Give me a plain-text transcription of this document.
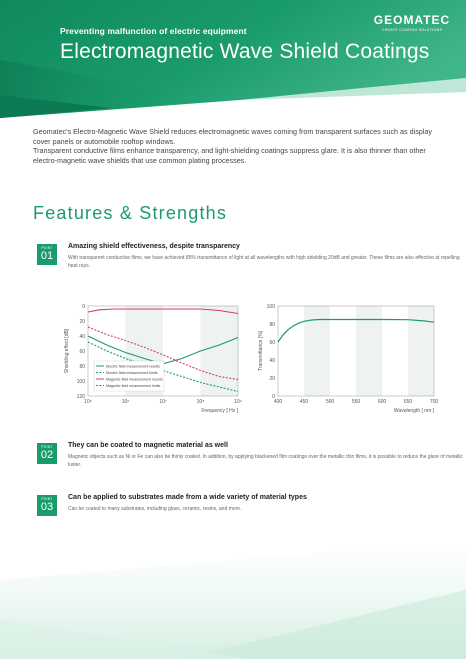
Preventing malfunction of electric equipment
Electromagnetic Wave Shield Coatings
GEOMATEC
CREATE COATING SOLUTIONS
Geomatec's Electro-Magnetic Wave Shield reduces electromagnetic waves coming from transparent surfaces such as display cover panels or automobile rooftop windows.
Transparent conductive films enhance transparency, and light-shielding coatings suppress glare. It is also thinner than other electro-magnetic wave shields that use common plating processes.
Features & Strengths
POINT
01
Amazing shield effectiveness, despite transparency
With transparent conductive films, we have achieved 85% transmittance of light at all wavelengths with high shielding 20dB and greater. These films are also effective at repelling heat rays.
0
20
40
60
80
100
120
10⁵	10⁶	10⁷	10⁸	10⁹
Frequency [ Hz ]
Shielding effect [dB]	Electric field measurement results
Electric field measurement limits
Magnetic field measurement results
Magnetic field measurement limits
0
20
40
60
80
100
400	450	500	550	600	650	700
Wavelength [ nm ]
Transmittance [%]
POINT
02
They can be coated to magnetic material as well
Magnetic objects such as Ni or Fe can also be thinly coated. In addition, by applying blackened film coatings over the metallic thin films, it is possible to reduce the glare of metallic luster.
POINT
03
Can be applied to substrates made from a wide variety of material types
Can be coated to many substrates, including glass, ceramic, resins, and more.
